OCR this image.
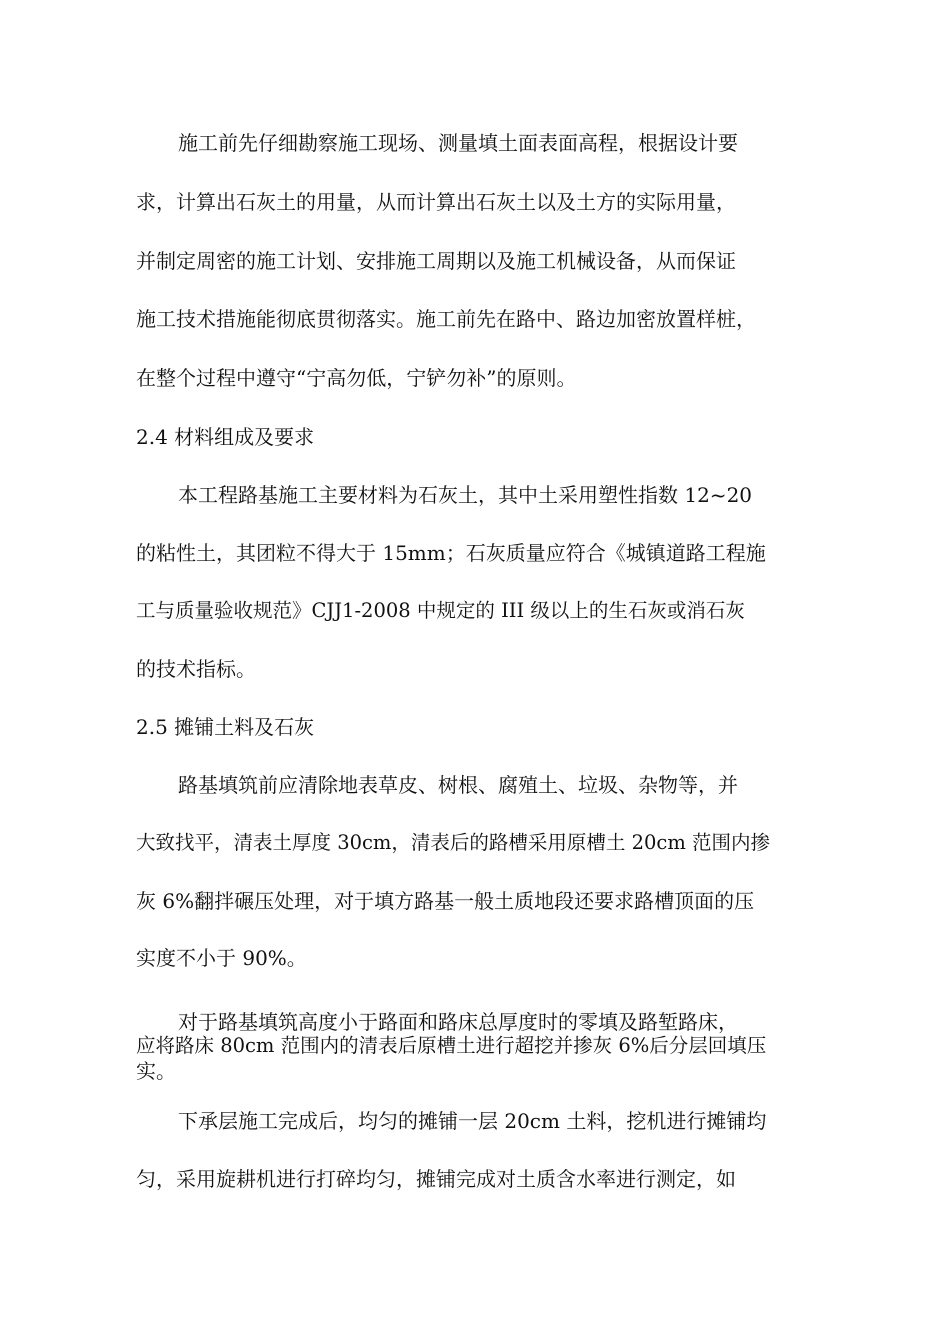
施工前先仔细勘察施工现场、测量填土面表面高程，根据设计要
求，计算出石灰土的用量，从而计算出石灰土以及土方的实际用量，
并制定周密的施工计划、安排施工周期以及施工机械设备，从而保证
施工技术措施能彻底贯彻落实。施工前先在路中、路边加密放置样桩，
在整个过程中遵守“宁高勿低，宁铲勿补”的原则。
2.4 材料组成及要求
本工程路基施工主要材料为石灰土，其中土采用塑性指数 12~20
的粘性土，其团粒不得大于 15mm；石灰质量应符合《城镇道路工程施
工与质量验收规范》CJJ1-2008 中规定的 III 级以上的生石灰或消石灰
的技术指标。
2.5 摊铺土料及石灰
路基填筑前应清除地表草皮、树根、腐殖土、垃圾、杂物等，并
大致找平，清表土厚度 30cm，清表后的路槽采用原槽土 20cm 范围内掺
灰 6%翻拌碾压处理，对于填方路基一般土质地段还要求路槽顶面的压
实度不小于 90%。
对于路基填筑高度小于路面和路床总厚度时的零填及路堑路床，
应将路床 80cm 范围内的清表后原槽土进行超挖并掺灰 6%后分层回填压
实。
下承层施工完成后，均匀的摊铺一层 20cm 土料，挖机进行摊铺均
匀，采用旋耕机进行打碎均匀，摊铺完成对土质含水率进行测定，如
